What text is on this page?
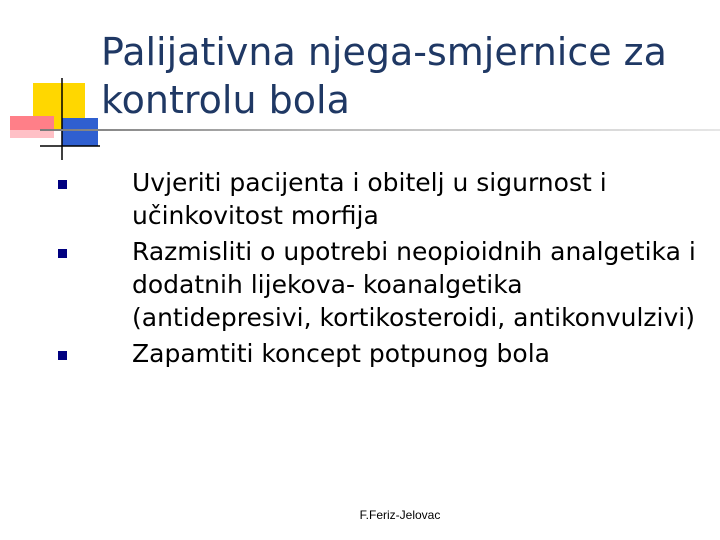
Palijativna njega-smjernice za kontrolu bola
Uvjeriti pacijenta i obitelj u sigurnost i učinkovitost morfija
Razmisliti o upotrebi neopioidnih analgetika i dodatnih lijekova- koanalgetika (antidepresivi, kortikosteroidi, antikonvulzivi)
Zapamtiti koncept potpunog bola
F.Feriz-Jelovac
